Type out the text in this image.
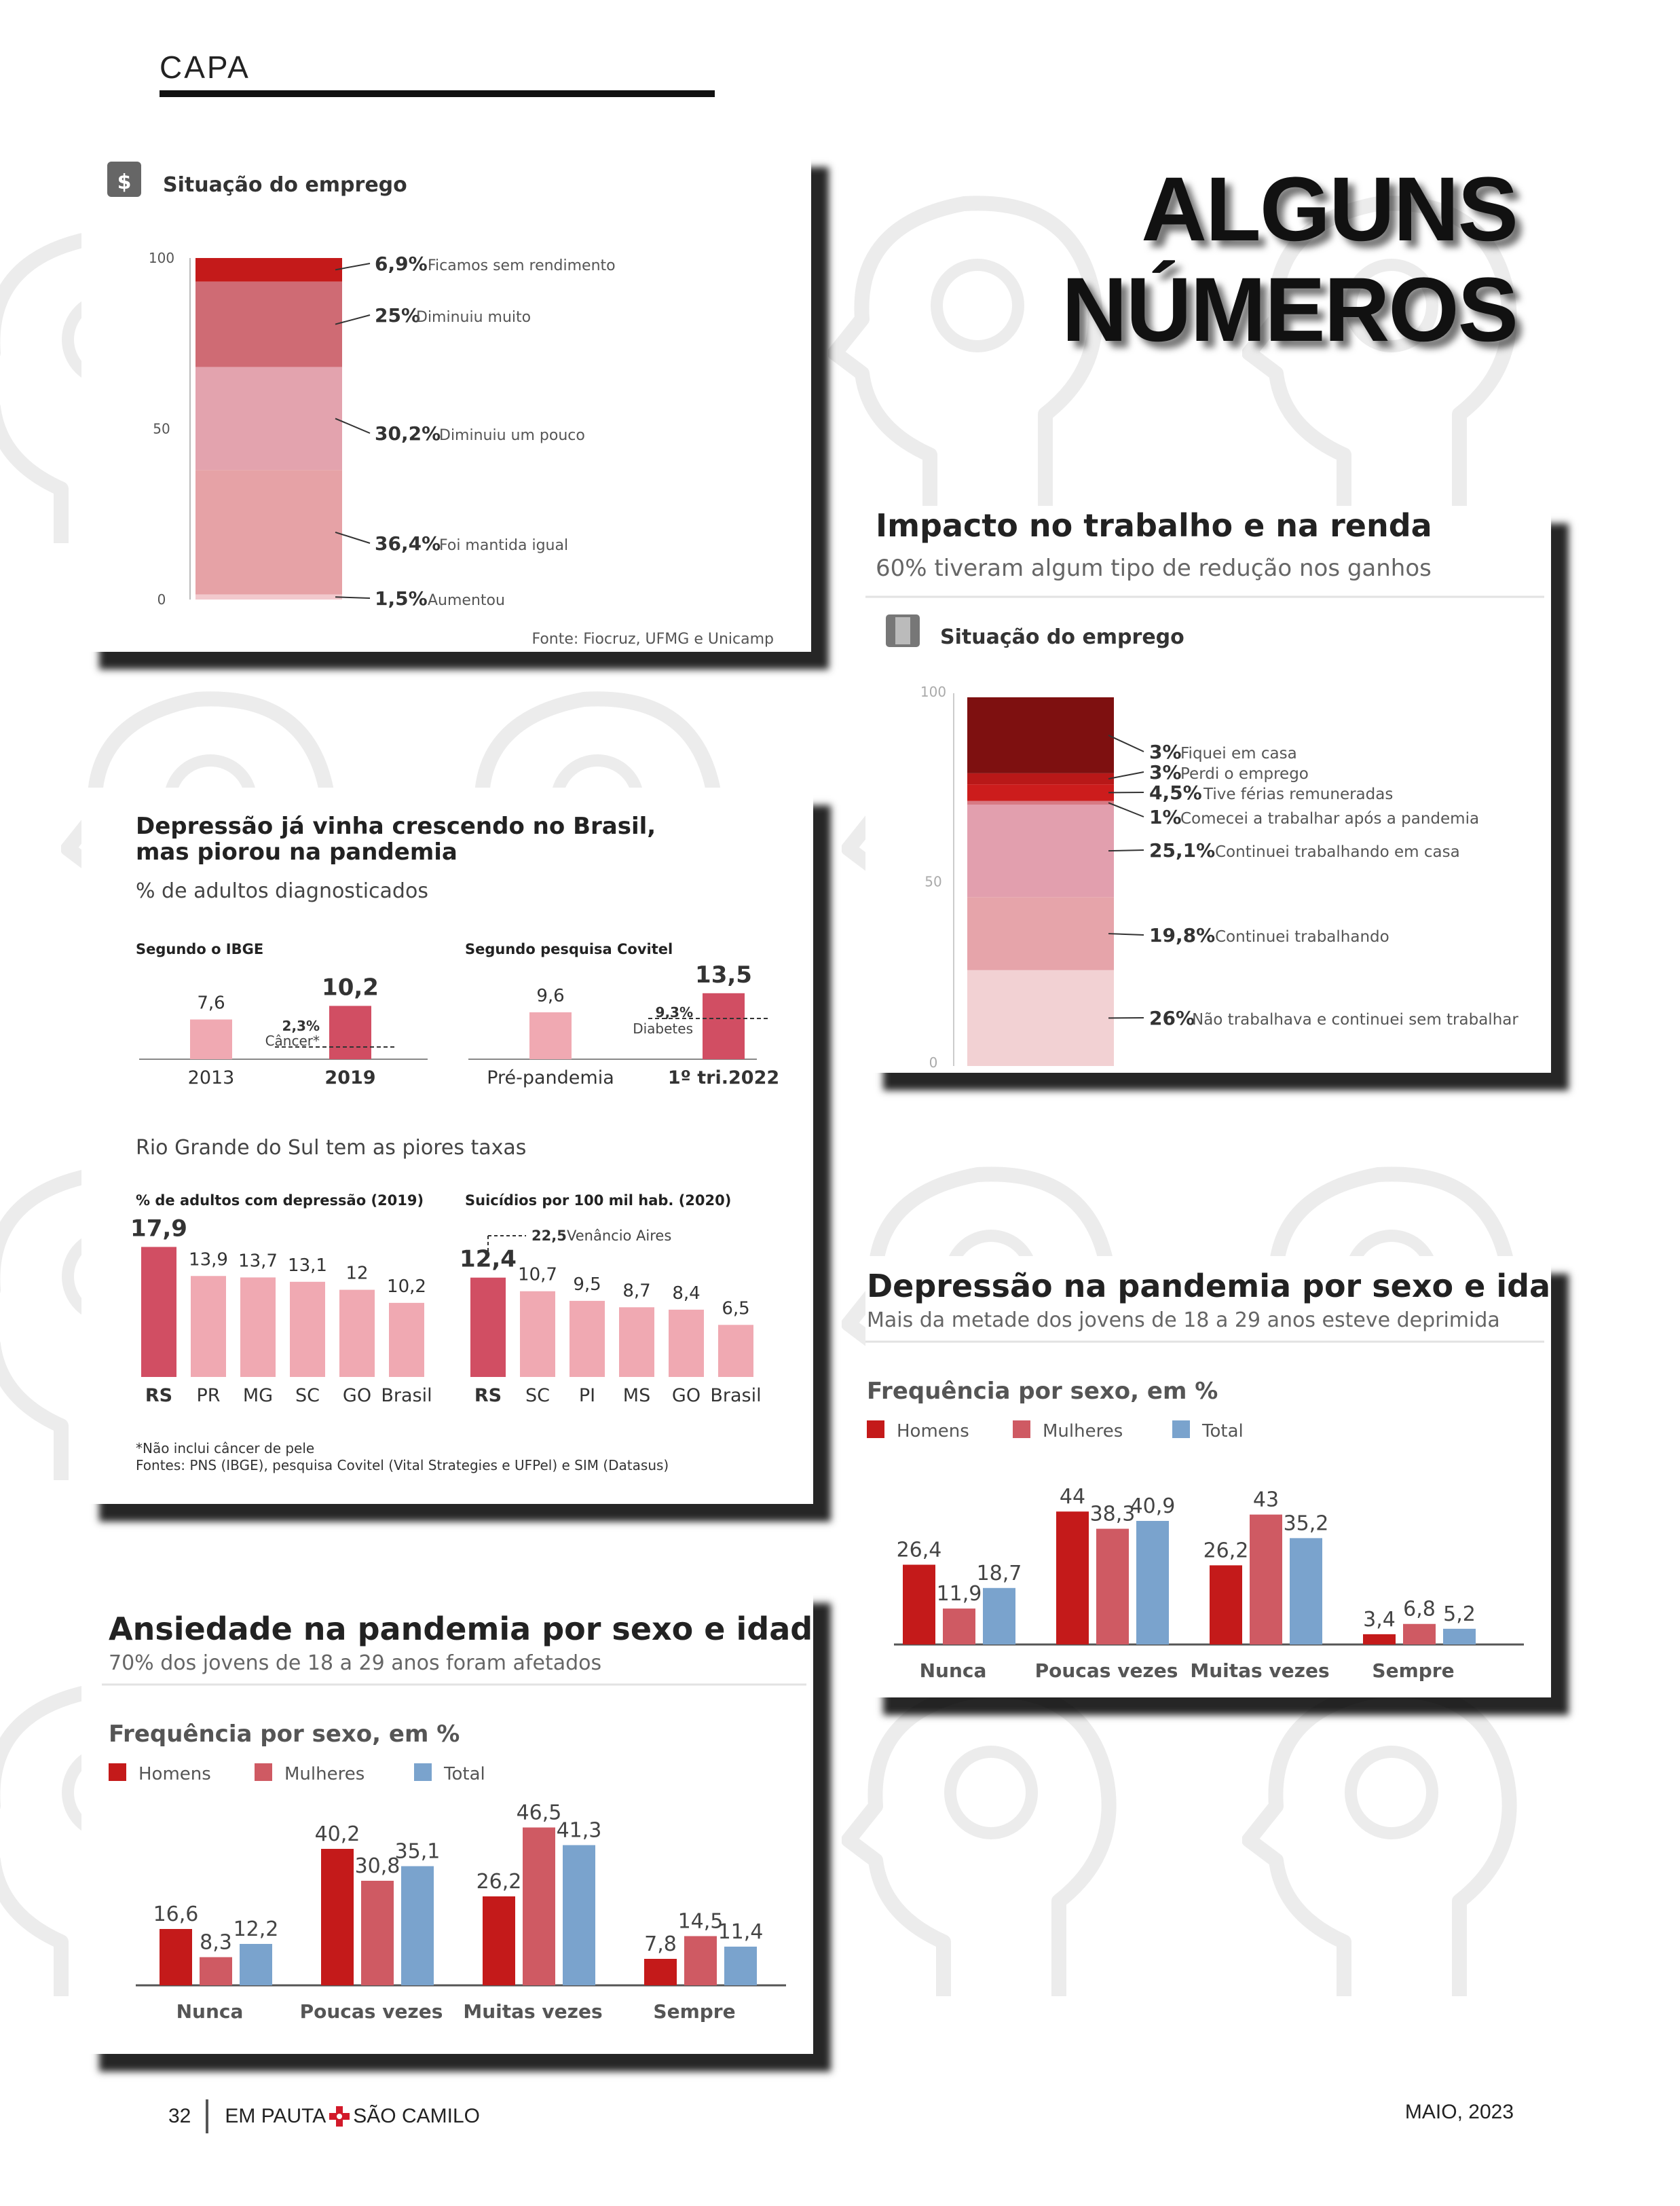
CAPA
ALGUNS
NÚMEROS
$ Situação do emprego
100
50
0	1,5% Aumentou
36,4%
Foi mantida igual
30,2%
Diminuiu um pouco
25%
Diminuiu muito
6,9% Ficamos sem rendimento
Fonte: Fiocruz, UFMG e Unicamp
Depressão já vinha crescendo no Brasil,
mas piorou na pandemia
% de adultos diagnosticados
Segundo o IBGE
7,6
2013
10,2
2019
2,3%
Câncer*
Segundo pesquisa Covitel
9,6
Pré-pandemia
13,5
1º tri.2022
9,3%
Diabetes
Rio Grande do Sul tem as piores taxas
% de adultos com depressão (2019)
17,9
RS
13,9
PR
13,7
MG
13,1
SC
12
GO
10,2
Brasil
Suicídios por 100 mil hab. (2020)
12,4
RS
10,7
SC
9,5
PI
8,7
MS
8,4
GO
6,5
Brasil
22,5 Venâncio Aires
*Não inclui câncer de pele
Fontes: PNS (IBGE), pesquisa Covitel (Vital Strategies e UFPel) e SIM (Datasus)
Ansiedade na pandemia por sexo e idade
70% dos jovens de 18 a 29 anos foram afetados
Frequência por sexo, em %
Homens	Mulheres	Total
16,6
8,3
12,2
Nunca
40,2
30,8
35,1
Poucas vezes
26,2
46,5
41,3
Muitas vezes
7,8
14,5
11,4
Sempre
Impacto no trabalho e na renda
60% tiveram algum tipo de redução nos ganhos
Situação do emprego
100
50
0
26%
Não trabalhava e continuei sem trabalhar
19,8% Continuei trabalhando
25,1% Continuei trabalhando em casa
1%
Comecei a trabalhar após a pandemia
4,5% Tive férias remuneradas
3%
Perdi o emprego
3%
Fiquei em casa
Depressão na pandemia por sexo e idade
Mais da metade dos jovens de 18 a 29 anos esteve deprimida
Frequência por sexo, em %
Homens	Mulheres	Total
26,4
11,9
18,7
Nunca
44
38,3
40,9
Poucas vezes
26,2
43
35,2
Muitas vezes
3,4 6,8 5,2
Sempre
32 EM PAUTA SÃO CAMILO	MAIO, 2023
